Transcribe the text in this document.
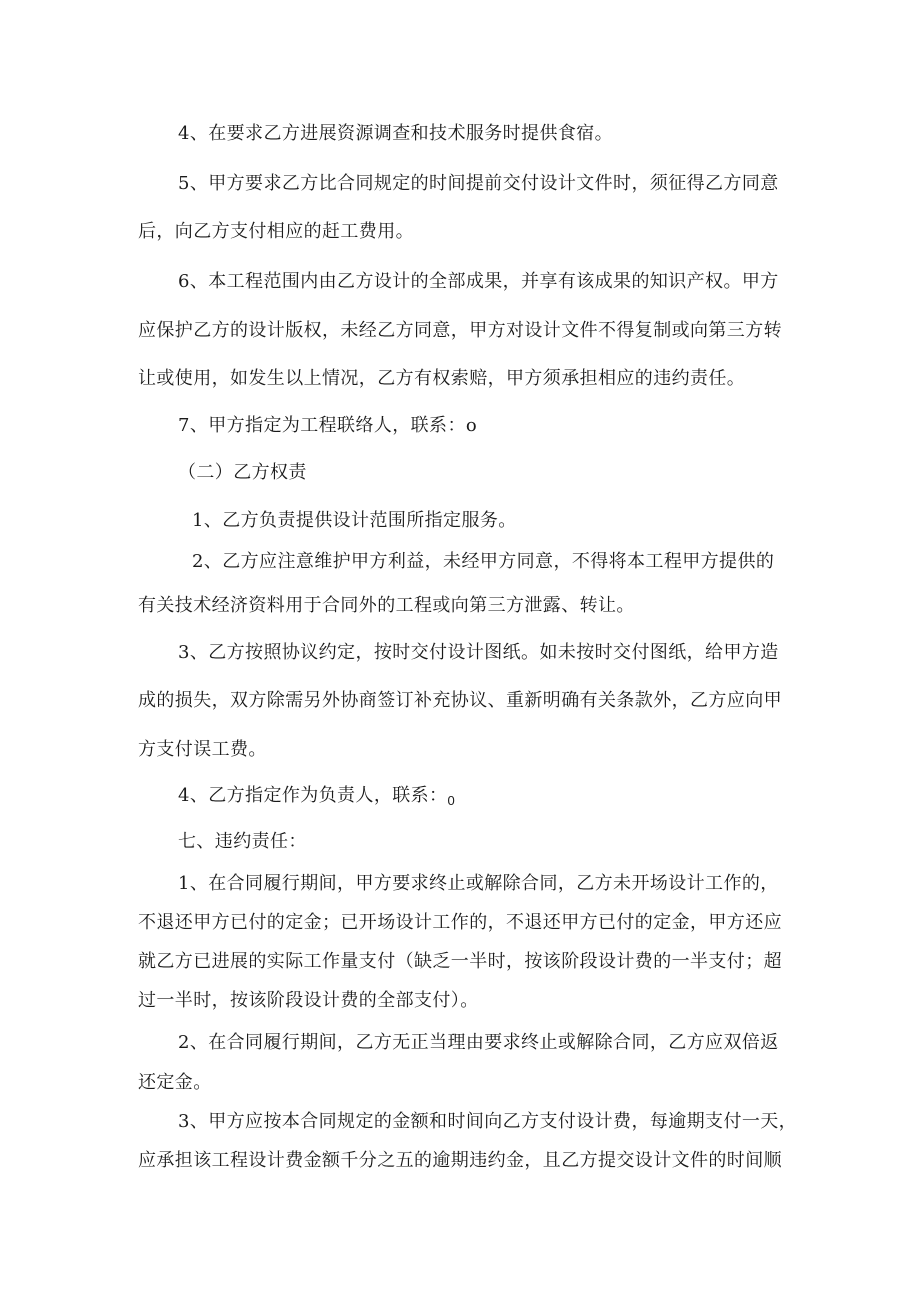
4、在要求乙方进展资源调查和技术服务时提供食宿。
5、甲方要求乙方比合同规定的时间提前交付设计文件时，须征得乙方同意
后，向乙方支付相应的赶工费用。
6、本工程范围内由乙方设计的全部成果，并享有该成果的知识产权。甲方
应保护乙方的设计版权，未经乙方同意，甲方对设计文件不得复制或向第三方转
让或使用，如发生以上情况，乙方有权索赔，甲方须承担相应的违约责任。
7、甲方指定为工程联络人，联系：o
（二）乙方权责
1、乙方负责提供设计范围所指定服务。
2、乙方应注意维护甲方利益，未经甲方同意，不得将本工程甲方提供的
有关技术经济资料用于合同外的工程或向第三方泄露、转让。
3、乙方按照协议约定，按时交付设计图纸。如未按时交付图纸，给甲方造
成的损失，双方除需另外协商签订补充协议、重新明确有关条款外，乙方应向甲
方支付误工费。
4、乙方指定作为负责人，联系：$_0$
七、违约责任：
1、在合同履行期间，甲方要求终止或解除合同，乙方未开场设计工作的，
不退还甲方已付的定金；已开场设计工作的，不退还甲方已付的定金，甲方还应
就乙方已进展的实际工作量支付（缺乏一半时，按该阶段设计费的一半支付；超
过一半时，按该阶段设计费的全部支付）。
2、在合同履行期间，乙方无正当理由要求终止或解除合同，乙方应双倍返
还定金。
3、甲方应按本合同规定的金额和时间向乙方支付设计费，每逾期支付一天，
应承担该工程设计费金额千分之五的逾期违约金，且乙方提交设计文件的时间顺
